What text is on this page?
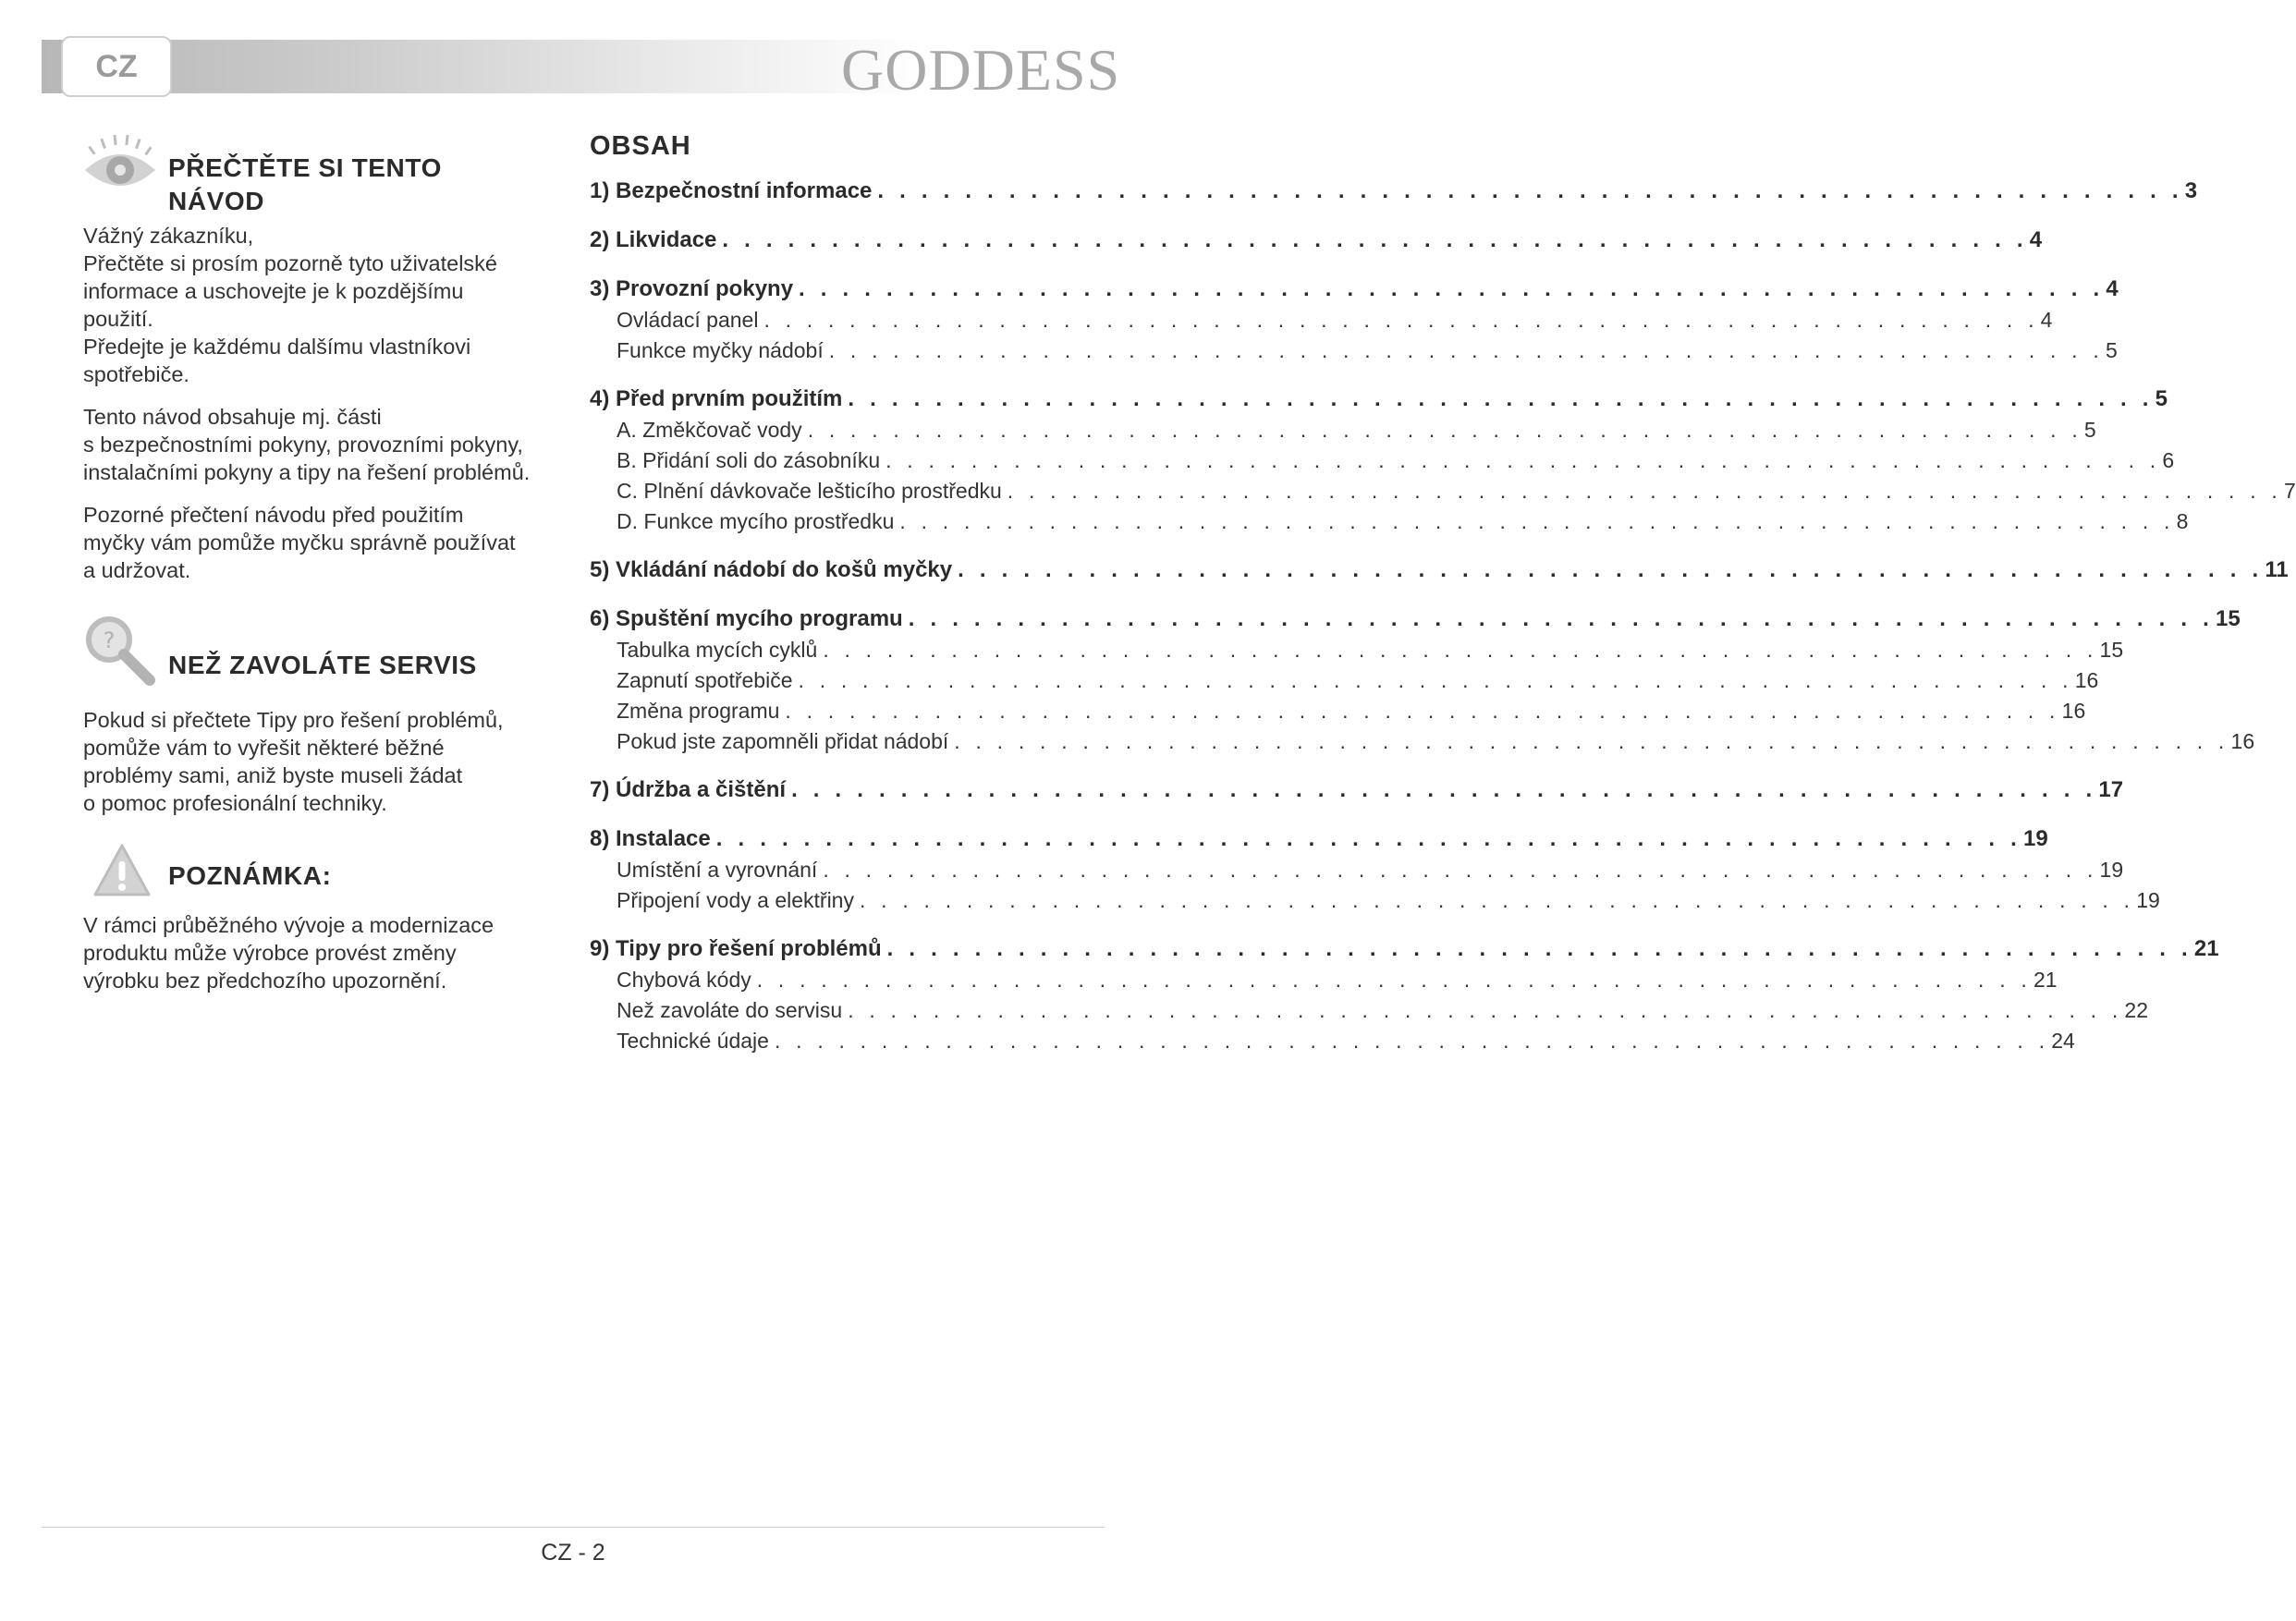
CZ	GODDESS
PŘEČTĚTE SI TENTO NÁVOD

Vážný zákazníku,
Přečtěte si prosím pozorně tyto uživatelské
informace a uschovejte je k pozdějšímu
použití.
Předejte je každému dalšímu vlastníkovi
spotřebiče.

Tento návod obsahuje mj. části
s bezpečnostními pokyny, provozními pokyny,
instalačními pokyny a tipy na řešení problémů.

Pozorné přečtení návodu před použitím
myčky vám pomůže myčku správně používat
a udržovat.

?
NEŽ ZAVOLÁTE SERVIS

Pokud si přečtete Tipy pro řešení problémů,
pomůže vám to vyřešit některé běžné
problémy sami, aniž byste museli žádat
o pomoc profesionální techniky.

POZNÁMKA:

V rámci průběžného vývoje a modernizace
produktu může výrobce provést změny
výrobku bez předchozího upozornění.

OBSAH
1) Bezpečnostní informace . . . . . . . . . . . . . . . . . . . . . . . . . . . . . . . . . . . . . . . . . . . . . . . . . . . . . . . . . . . . 3
2) Likvidace . . . . . . . . . . . . . . . . . . . . . . . . . . . . . . . . . . . . . . . . . . . . . . . . . . . . . . . . . . . . 4
3) Provozní pokyny . . . . . . . . . . . . . . . . . . . . . . . . . . . . . . . . . . . . . . . . . . . . . . . . . . . . . . . . . . . . 4
Ovládací panel . . . . . . . . . . . . . . . . . . . . . . . . . . . . . . . . . . . . . . . . . . . . . . . . . . . . . . . . . . . . 4
Funkce myčky nádobí . . . . . . . . . . . . . . . . . . . . . . . . . . . . . . . . . . . . . . . . . . . . . . . . . . . . . . . . . . . . 5
4) Před prvním použitím . . . . . . . . . . . . . . . . . . . . . . . . . . . . . . . . . . . . . . . . . . . . . . . . . . . . . . . . . . . . 5
A. Změkčovač vody . . . . . . . . . . . . . . . . . . . . . . . . . . . . . . . . . . . . . . . . . . . . . . . . . . . . . . . . . . . . 5
B. Přidání soli do zásobníku . . . . . . . . . . . . . . . . . . . . . . . . . . . . . . . . . . . . . . . . . . . . . . . . . . . . . . . . . . . . 6
C. Plnění dávkovače lešticího prostředku . . . . . . . . . . . . . . . . . . . . . . . . . . . . . . . . . . . . . . . . . . . . . . . . . . . . . . . . . . . . 7
D. Funkce mycího prostředku . . . . . . . . . . . . . . . . . . . . . . . . . . . . . . . . . . . . . . . . . . . . . . . . . . . . . . . . . . . . 8
5) Vkládání nádobí do košů myčky . . . . . . . . . . . . . . . . . . . . . . . . . . . . . . . . . . . . . . . . . . . . . . . . . . . . . . . . . . . . 11
6) Spuštění mycího programu . . . . . . . . . . . . . . . . . . . . . . . . . . . . . . . . . . . . . . . . . . . . . . . . . . . . . . . . . . . . 15
Tabulka mycích cyklů . . . . . . . . . . . . . . . . . . . . . . . . . . . . . . . . . . . . . . . . . . . . . . . . . . . . . . . . . . . . 15
Zapnutí spotřebiče . . . . . . . . . . . . . . . . . . . . . . . . . . . . . . . . . . . . . . . . . . . . . . . . . . . . . . . . . . . . 16
Změna programu . . . . . . . . . . . . . . . . . . . . . . . . . . . . . . . . . . . . . . . . . . . . . . . . . . . . . . . . . . . . 16
Pokud jste zapomněli přidat nádobí . . . . . . . . . . . . . . . . . . . . . . . . . . . . . . . . . . . . . . . . . . . . . . . . . . . . . . . . . . . . 16
7) Údržba a čištění . . . . . . . . . . . . . . . . . . . . . . . . . . . . . . . . . . . . . . . . . . . . . . . . . . . . . . . . . . . . 17
8) Instalace . . . . . . . . . . . . . . . . . . . . . . . . . . . . . . . . . . . . . . . . . . . . . . . . . . . . . . . . . . . . 19
Umístění a vyrovnání . . . . . . . . . . . . . . . . . . . . . . . . . . . . . . . . . . . . . . . . . . . . . . . . . . . . . . . . . . . . 19
Připojení vody a elektřiny . . . . . . . . . . . . . . . . . . . . . . . . . . . . . . . . . . . . . . . . . . . . . . . . . . . . . . . . . . . . 19
9) Tipy pro řešení problémů . . . . . . . . . . . . . . . . . . . . . . . . . . . . . . . . . . . . . . . . . . . . . . . . . . . . . . . . . . . . 21
Chybová kódy . . . . . . . . . . . . . . . . . . . . . . . . . . . . . . . . . . . . . . . . . . . . . . . . . . . . . . . . . . . . 21
Než zavoláte do servisu . . . . . . . . . . . . . . . . . . . . . . . . . . . . . . . . . . . . . . . . . . . . . . . . . . . . . . . . . . . . 22
Technické údaje . . . . . . . . . . . . . . . . . . . . . . . . . . . . . . . . . . . . . . . . . . . . . . . . . . . . . . . . . . . . 24
CZ - 2
